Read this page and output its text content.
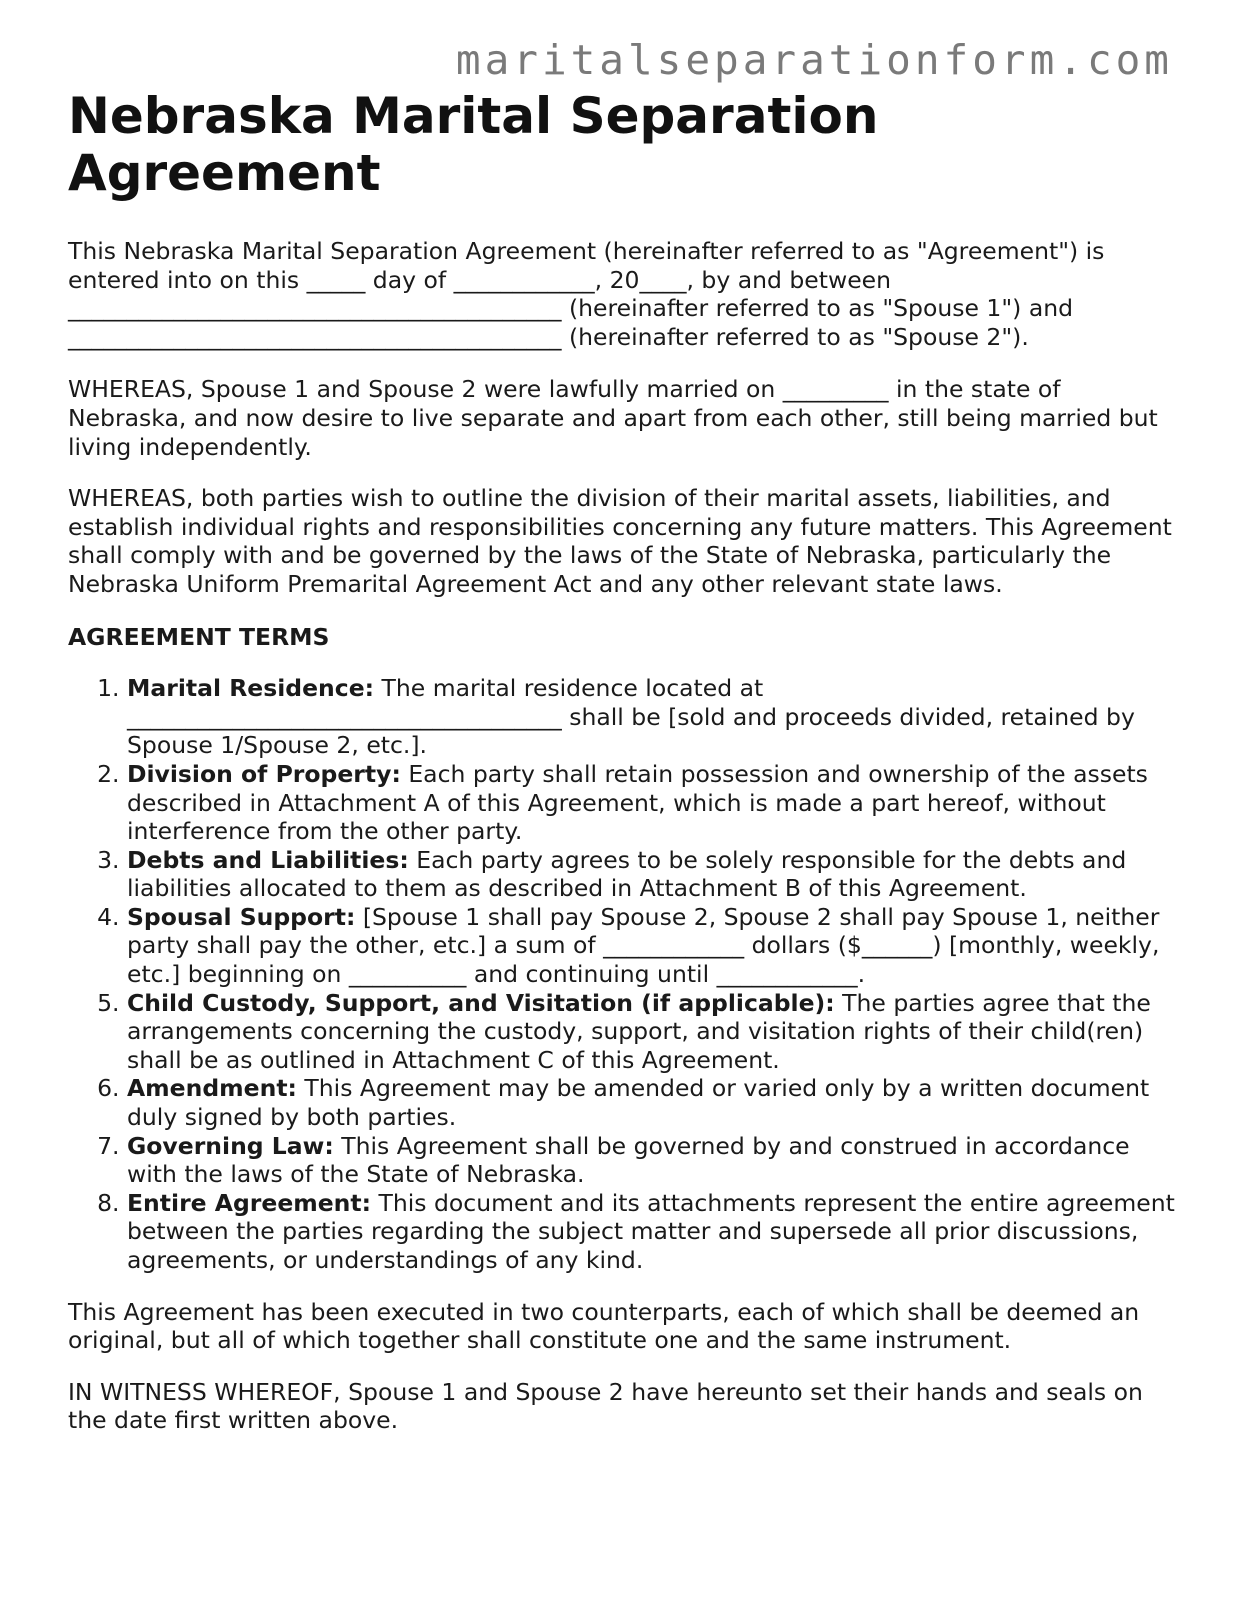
maritalseparationform.com
Nebraska Marital Separation Agreement

This Nebraska Marital Separation Agreement (hereinafter referred to as "Agreement") is
entered into on this _____ day of ____________, 20____, by and between
__________________________________________ (hereinafter referred to as "Spouse 1") and
__________________________________________ (hereinafter referred to as "Spouse 2").

WHEREAS, Spouse 1 and Spouse 2 were lawfully married on _________ in the state of Nebraska, and now desire to live separate and apart from each other, still being married but living independently.

WHEREAS, both parties wish to outline the division of their marital assets, liabilities, and establish individual rights and responsibilities concerning any future matters. This Agreement shall comply with and be governed by the laws of the State of Nebraska, particularly the Nebraska Uniform Premarital Agreement Act and any other relevant state laws.

AGREEMENT TERMS
1. Marital Residence: The marital residence located at _____________________________________ shall be [sold and proceeds divided, retained by Spouse 1/Spouse 2, etc.].
2. Division of Property: Each party shall retain possession and ownership of the assets described in Attachment A of this Agreement, which is made a part hereof, without interference from the other party.
3. Debts and Liabilities: Each party agrees to be solely responsible for the debts and liabilities allocated to them as described in Attachment B of this Agreement.
4. Spousal Support: [Spouse 1 shall pay Spouse 2, Spouse 2 shall pay Spouse 1, neither party shall pay the other, etc.] a sum of ____________ dollars ($______) [monthly, weekly, etc.] beginning on __________ and continuing until ____________.
5. Child Custody, Support, and Visitation (if applicable): The parties agree that the arrangements concerning the custody, support, and visitation rights of their child(ren) shall be as outlined in Attachment C of this Agreement.
6. Amendment: This Agreement may be amended or varied only by a written document duly signed by both parties.
7. Governing Law: This Agreement shall be governed by and construed in accordance with the laws of the State of Nebraska.
8. Entire Agreement: This document and its attachments represent the entire agreement between the parties regarding the subject matter and supersede all prior discussions, agreements, or understandings of any kind.

This Agreement has been executed in two counterparts, each of which shall be deemed an original, but all of which together shall constitute one and the same instrument.

IN WITNESS WHEREOF, Spouse 1 and Spouse 2 have hereunto set their hands and seals on the date first written above.
